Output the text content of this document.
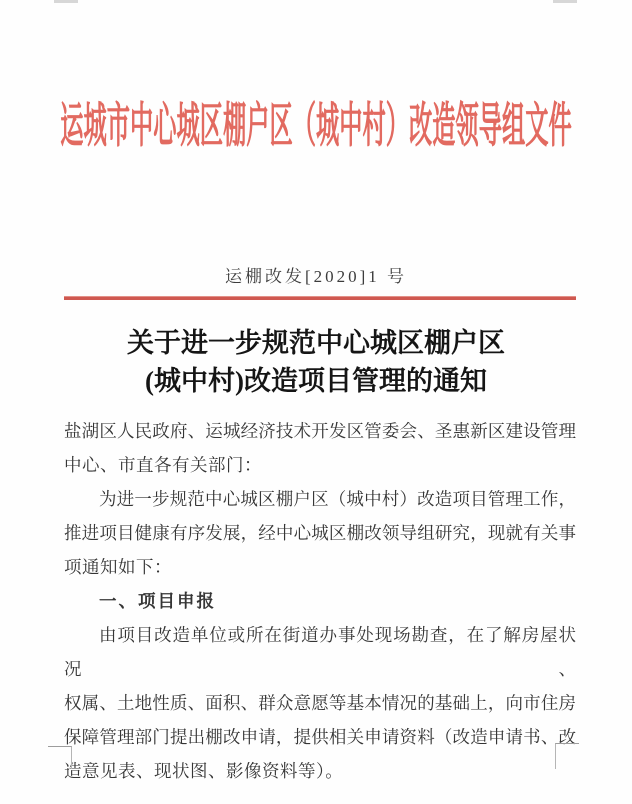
运城市中心城区棚户区（城中村）改造领导组文件
运棚改发[2020]1 号
关于进一步规范中心城区棚户区
(城中村)改造项目管理的通知
盐湖区人民政府、运城经济技术开发区管委会、圣惠新区建设管理
中心、市直各有关部门：
为进一步规范中心城区棚户区（城中村）改造项目管理工作，
推进项目健康有序发展，经中心城区棚改领导组研究，现就有关事
项通知如下：
一、项目申报
由项目改造单位或所在街道办事处现场勘查，在了解房屋状况、
权属、土地性质、面积、群众意愿等基本情况的基础上，向市住房
保障管理部门提出棚改申请，提供相关申请资料（改造申请书、改
造意见表、现状图、影像资料等）。
